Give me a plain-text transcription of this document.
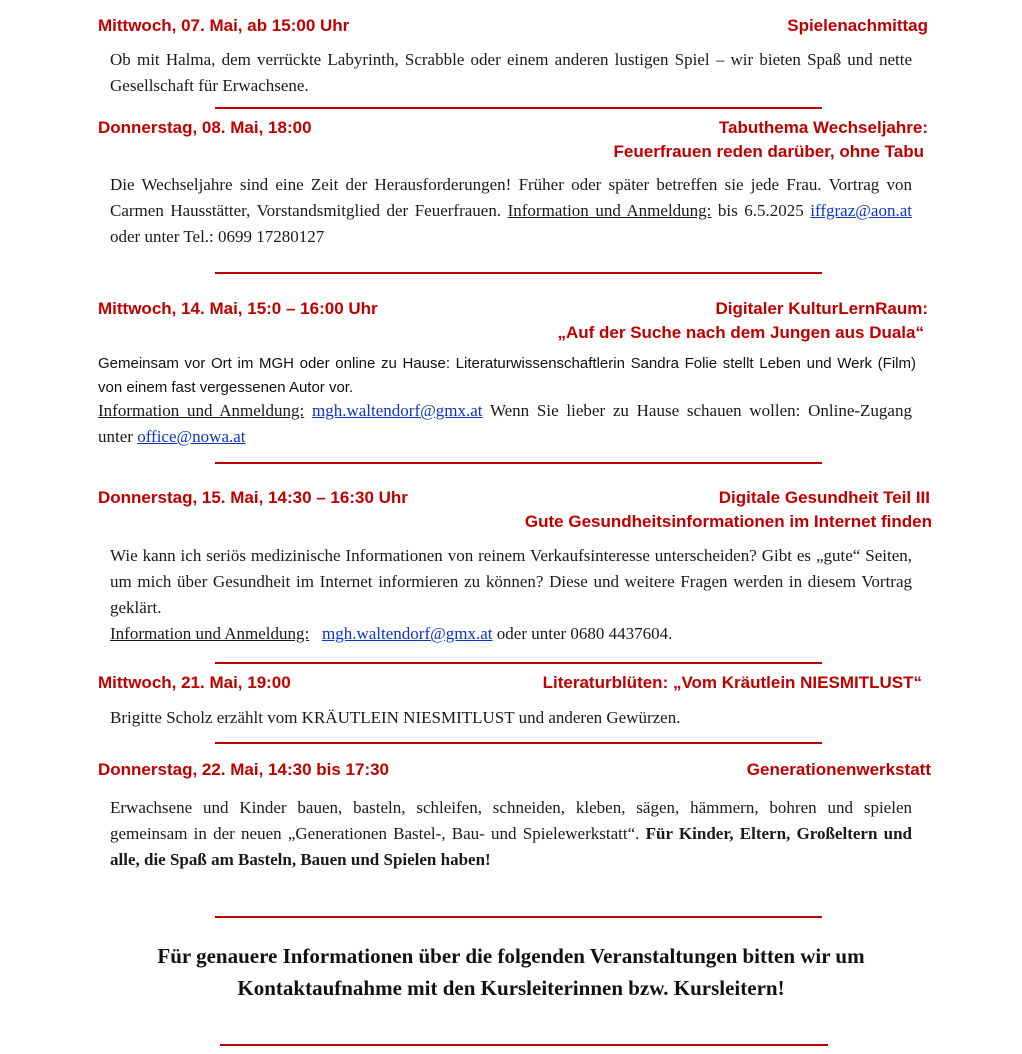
Mittwoch, 07. Mai, ab 15:00 Uhr	Spielenachmittag
Ob mit Halma, dem verrückte Labyrinth, Scrabble oder einem anderen lustigen Spiel – wir bieten Spaß und nette Gesellschaft für Erwachsene.
Donnerstag, 08. Mai, 18:00	Tabuthema Wechseljahre:
Feuerfrauen reden darüber, ohne Tabu
Die Wechseljahre sind eine Zeit der Herausforderungen! Früher oder später betreffen sie jede Frau. Vortrag von Carmen Hausstätter, Vorstandsmitglied der Feuerfrauen. Information und Anmeldung: bis 6.5.2025 iffgraz@aon.at oder unter Tel.: 0699 17280127
Mittwoch, 14. Mai, 15:0 – 16:00 Uhr	Digitaler KulturLernRaum:
„Auf der Suche nach dem Jungen aus Duala“
Gemeinsam vor Ort im MGH oder online zu Hause: Literaturwissenschaftlerin Sandra Folie stellt Leben und Werk (Film) von einem fast vergessenen Autor vor.
Information und Anmeldung: mgh.waltendorf@gmx.at Wenn Sie lieber zu Hause schauen wollen: Online-Zugang unter office@nowa.at
Donnerstag, 15. Mai, 14:30 – 16:30 Uhr	Digitale Gesundheit Teil III
Gute Gesundheitsinformationen im Internet finden
Wie kann ich seriös medizinische Informationen von reinem Verkaufsinteresse unterscheiden? Gibt es „gute“ Seiten, um mich über Gesundheit im Internet informieren zu können? Diese und weitere Fragen werden in diesem Vortrag geklärt.
Information und Anmeldung: mgh.waltendorf@gmx.at oder unter 0680 4437604.
Mittwoch, 21. Mai, 19:00	Literaturblüten: „Vom Kräutlein NIESMITLUST“
Brigitte Scholz erzählt vom KRÄUTLEIN NIESMITLUST und anderen Gewürzen.
Donnerstag, 22. Mai, 14:30 bis 17:30	Generationenwerkstatt
Erwachsene und Kinder bauen, basteln, schleifen, schneiden, kleben, sägen, hämmern, bohren und spielen gemeinsam in der neuen „Generationen Bastel-, Bau- und Spielewerkstatt“. Für Kinder, Eltern, Großeltern und alle, die Spaß am Basteln, Bauen und Spielen haben!
Für genauere Informationen über die folgenden Veranstaltungen bitten wir um Kontaktaufnahme mit den Kursleiterinnen bzw. Kursleitern!
